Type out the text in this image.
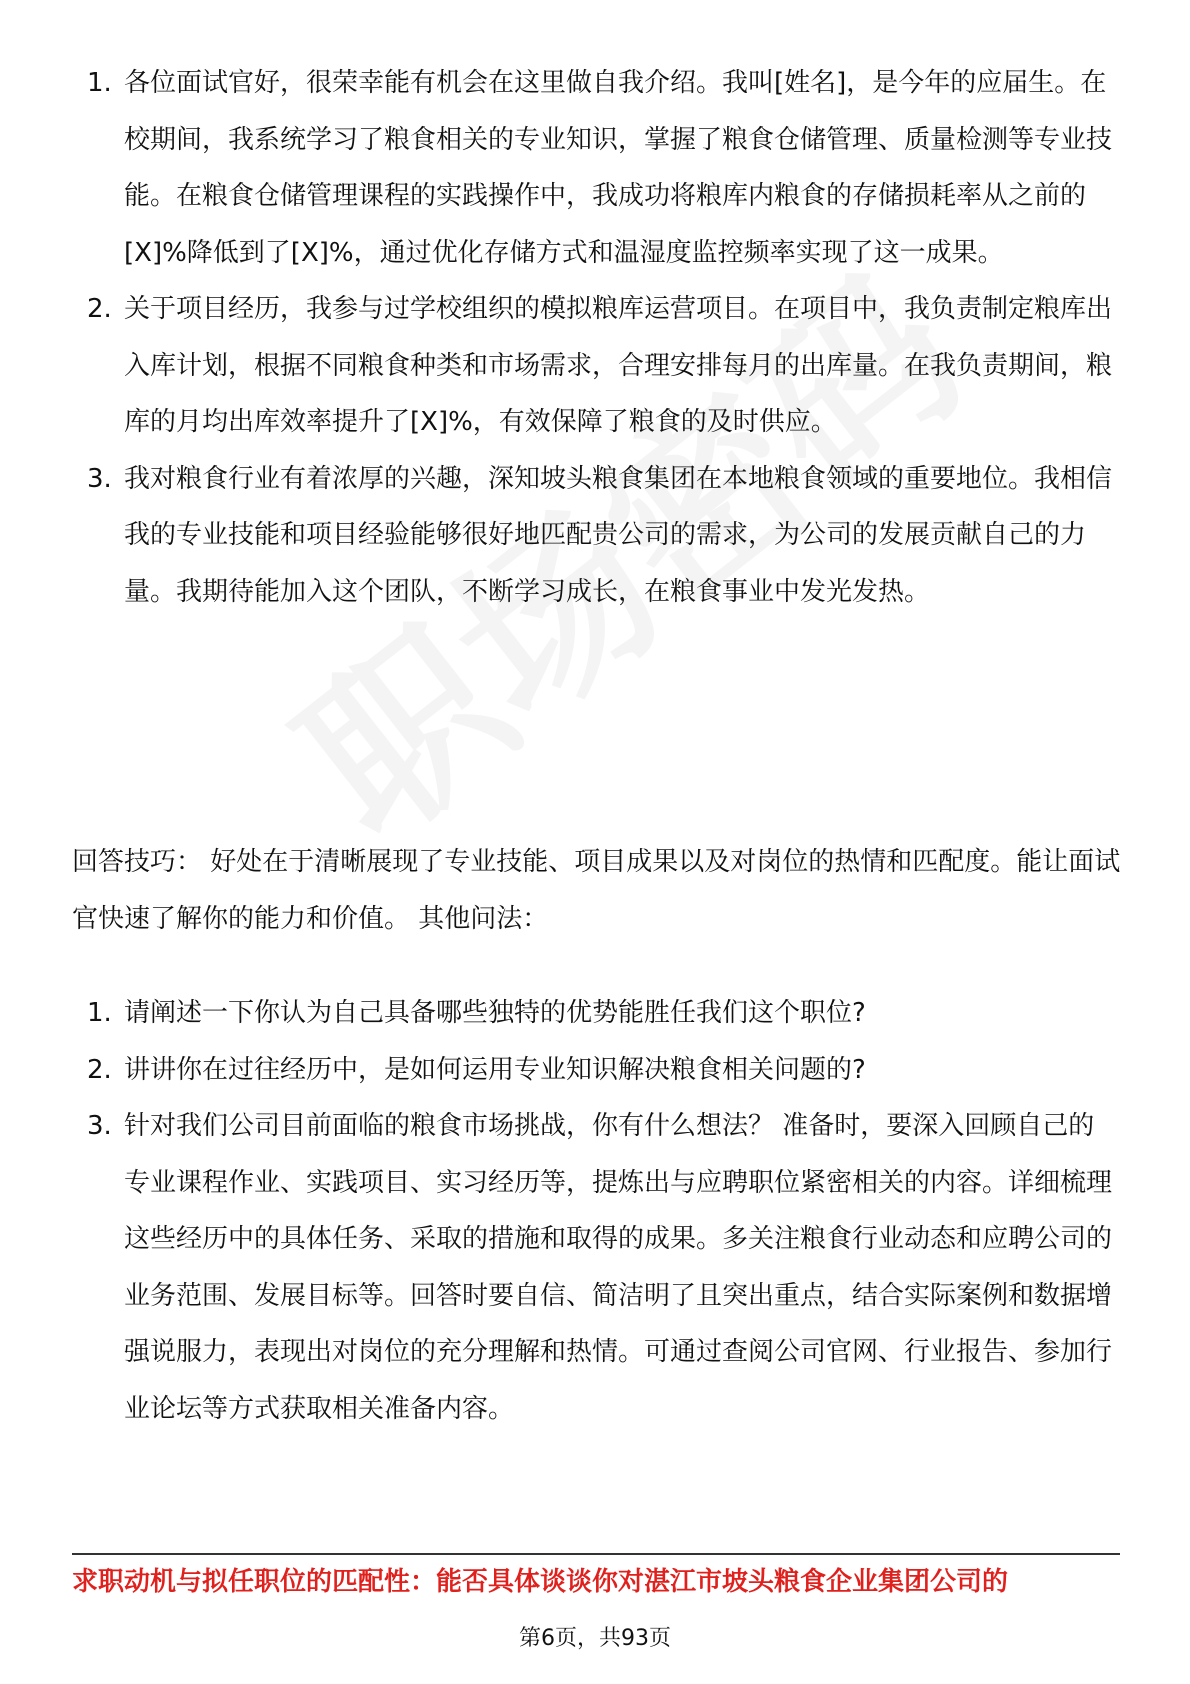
1. 各位面试官好，很荣幸能有机会在这里做自我介绍。我叫[姓名]，是今年的应届生。在校期间，我系统学习了粮食相关的专业知识，掌握了粮食仓储管理、质量检测等专业技能。在粮食仓储管理课程的实践操作中，我成功将粮库内粮食的存储损耗率从之前的[X]%降低到了[X]%，通过优化存储方式和温湿度监控频率实现了这一成果。
2. 关于项目经历，我参与过学校组织的模拟粮库运营项目。在项目中，我负责制定粮库出入库计划，根据不同粮食种类和市场需求，合理安排每月的出库量。在我负责期间，粮库的月均出库效率提升了[X]%，有效保障了粮食的及时供应。
3. 我对粮食行业有着浓厚的兴趣，深知坡头粮食集团在本地粮食领域的重要地位。我相信我的专业技能和项目经验能够很好地匹配贵公司的需求，为公司的发展贡献自己的力量。我期待能加入这个团队，不断学习成长，在粮食事业中发光发热。
回答技巧： 好处在于清晰展现了专业技能、项目成果以及对岗位的热情和匹配度。能让面试官快速了解你的能力和价值。 其他问法：
1. 请阐述一下你认为自己具备哪些独特的优势能胜任我们这个职位?
2. 讲讲你在过往经历中，是如何运用专业知识解决粮食相关问题的?
3. 针对我们公司目前面临的粮食市场挑战，你有什么想法？ 准备时，要深入回顾自己的专业课程作业、实践项目、实习经历等，提炼出与应聘职位紧密相关的内容。详细梳理这些经历中的具体任务、采取的措施和取得的成果。多关注粮食行业动态和应聘公司的业务范围、发展目标等。回答时要自信、简洁明了且突出重点，结合实际案例和数据增强说服力，表现出对岗位的充分理解和热情。可通过查阅公司官网、行业报告、参加行业论坛等方式获取相关准备内容。
求职动机与拟任职位的匹配性：能否具体谈谈你对湛江市坡头粮食企业集团公司的
第6页，共93页
